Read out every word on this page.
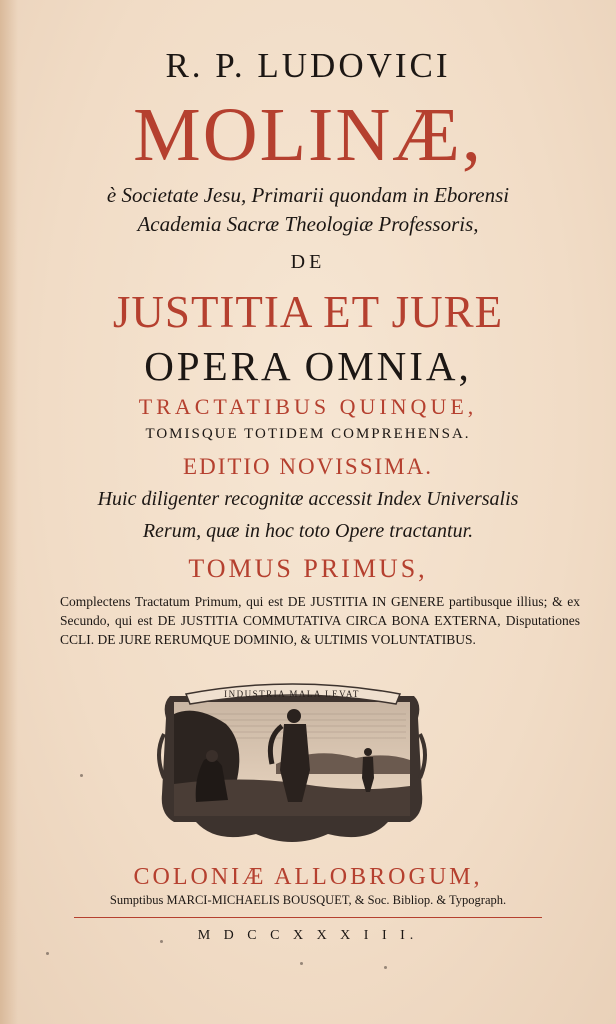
R. P. LUDOVICI
MOLINÆ,
è Societate Jesu, Primarii quondam in Eborensi
Academia Sacræ Theologiæ Professoris,
DE
JUSTITIA ET JURE
OPERA OMNIA,
TRACTATIBUS QUINQUE,
TOMISQUE TOTIDEM COMPREHENSA.
EDITIO NOVISSIMA.
Huic diligenter recognitæ accessit Index Universalis
Rerum, quæ in hoc toto Opere tractantur.
TOMUS PRIMUS,
Complectens Tractatum Primum, qui est DE JUSTITIA IN GENERE partibusque illius; & ex Secundo, qui est DE JUSTITIA COMMUTATIVA CIRCA BONA EXTERNA, Disputationes CCLI. DE JURE RERUMQUE DOMINIO, & ULTIMIS VOLUNTATIBUS.
INDUSTRIA MALA LEVAT
COLONIÆ ALLOBROGUM,
Sumptibus MARCI-MICHAELIS BOUSQUET, & Soc. Bibliop. & Typograph.
M D C C X X X I I I.
